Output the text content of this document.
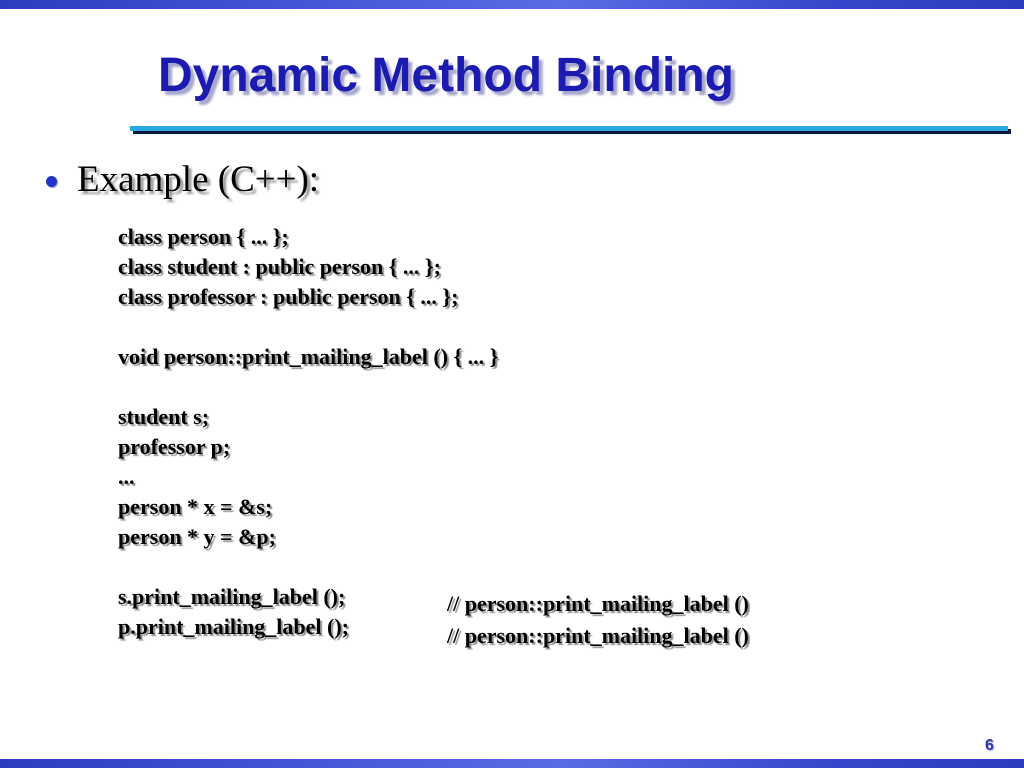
Dynamic Method Binding
Example (C++):
class person { ... };
class student : public person { ... };
class professor : public person { ... };

void person::print_mailing_label () { ... }

student s;
professor p;
...
person * x = &s;
person * y = &p;

s.print_mailing_label ();
p.print_mailing_label ();
// person::print_mailing_label ()
// person::print_mailing_label ()
6
